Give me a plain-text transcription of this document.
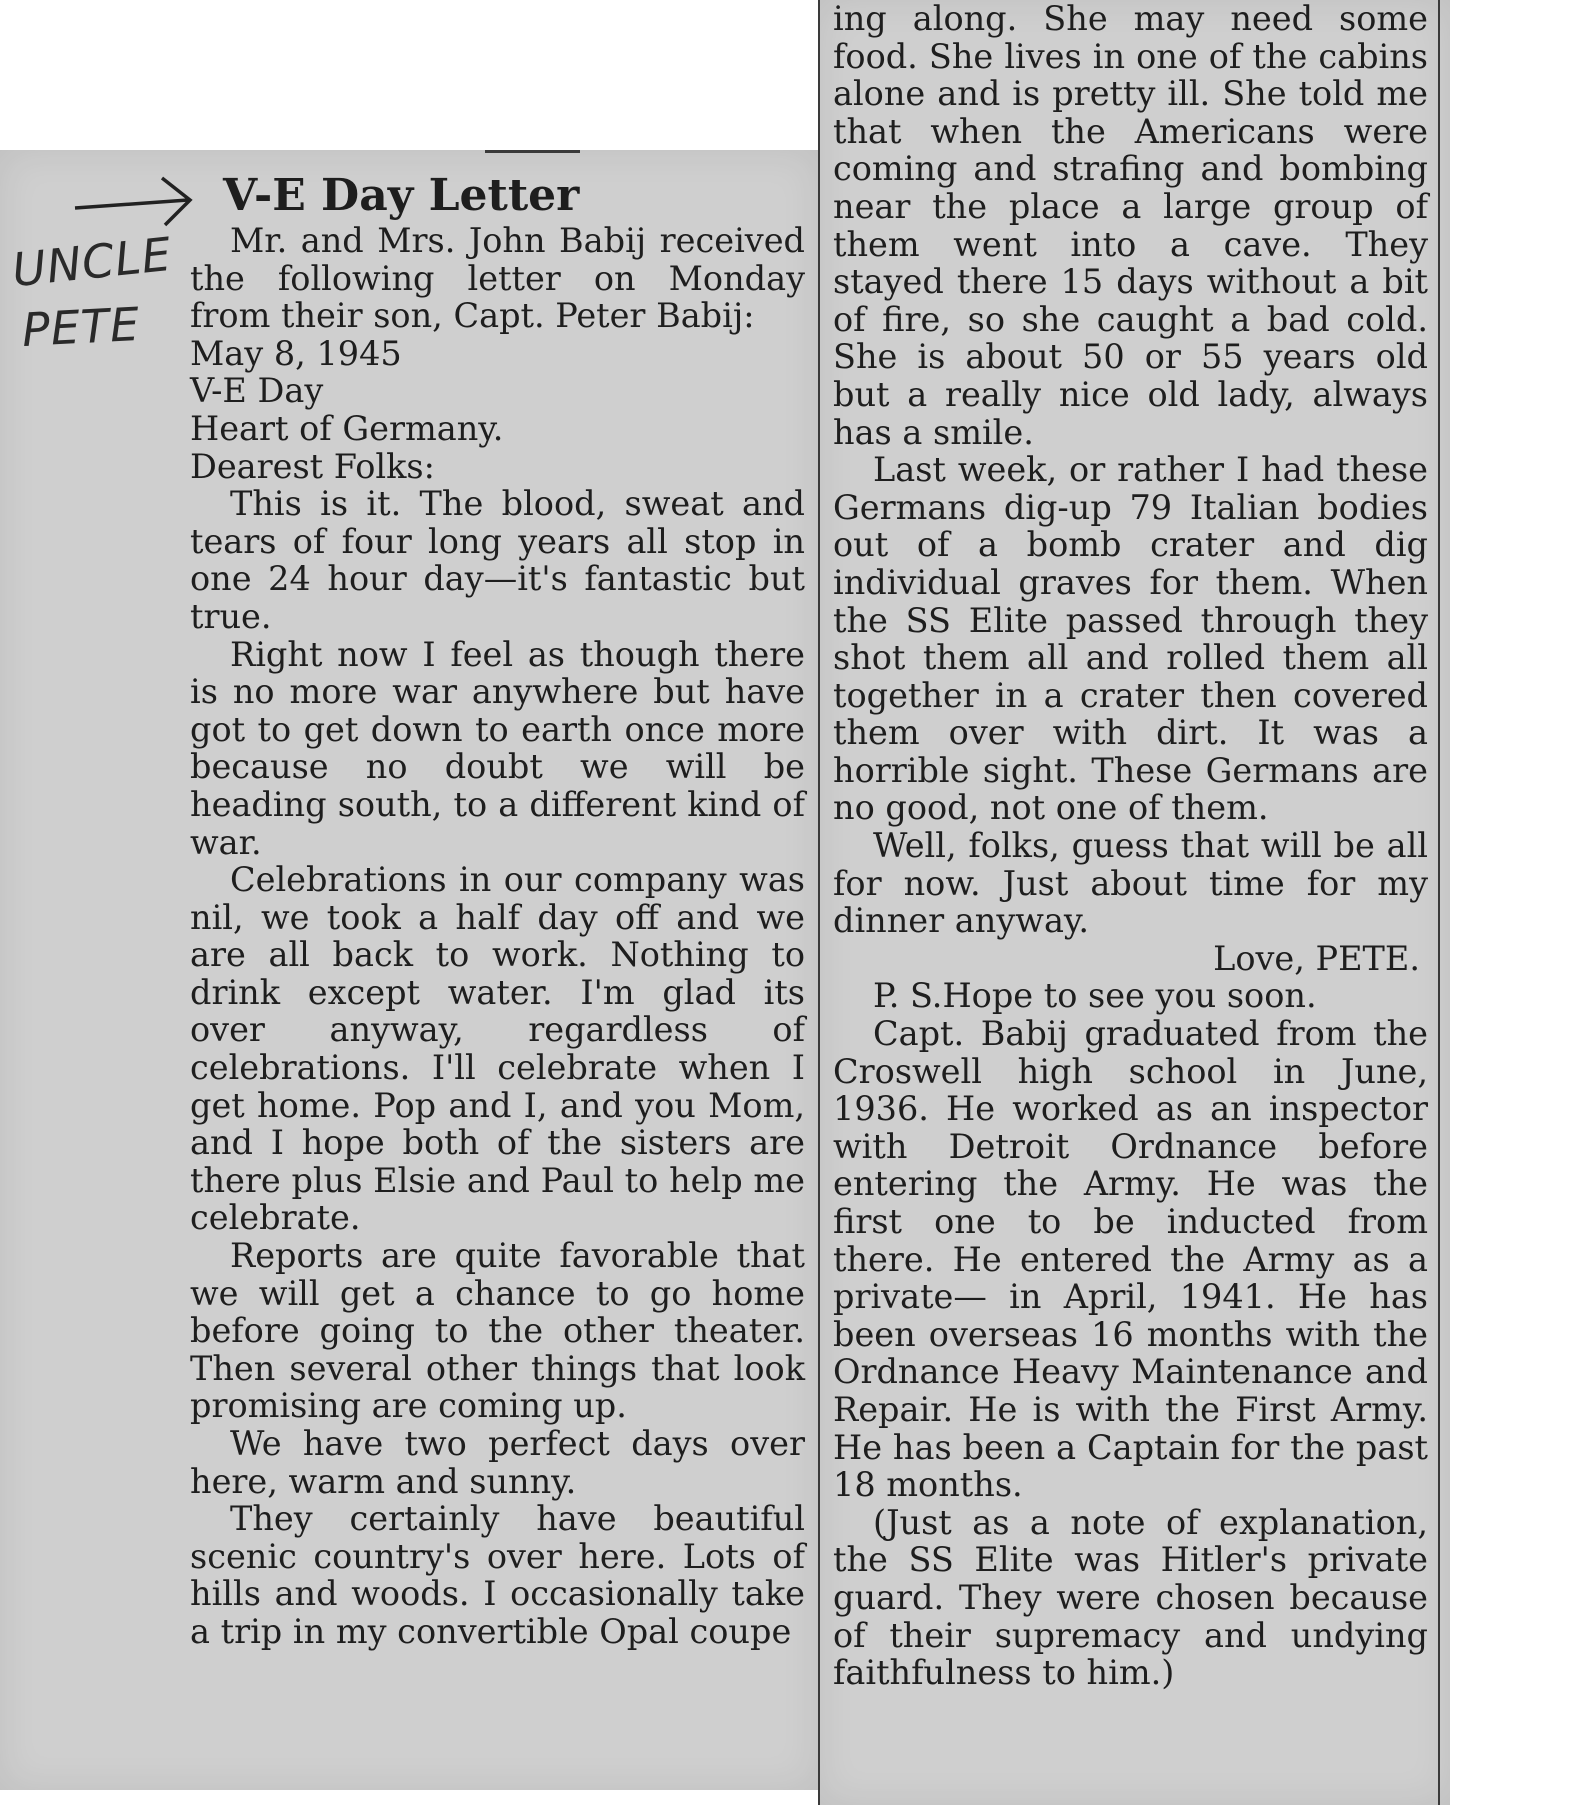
UNCLE
PETE
V-E Day Letter

Mr. and Mrs. John Babij received the following letter on Monday from their son, Capt. Peter Babij:

May 8, 1945

V-E Day

Heart of Germany.

Dearest Folks:

This is it. The blood, sweat and tears of four long years all stop in one 24 hour day—it's fantastic but true.

Right now I feel as though there is no more war anywhere but have got to get down to earth once more because no doubt we will be heading south, to a different kind of war.

Celebrations in our company was nil, we took a half day off and we are all back to work. Nothing to drink except water. I'm glad its over anyway, regardless of celebrations. I'll celebrate when I get home. Pop and I, and you Mom, and I hope both of the sisters are there plus Elsie and Paul to help me celebrate.

Reports are quite favorable that we will get a chance to go home before going to the other theater. Then several other things that look promising are coming up.

We have two perfect days over here, warm and sunny.

They certainly have beautiful scenic country's over here. Lots of hills and woods. I occasionally take a trip in my convertible Opal coupe

ing along. She may need some food. She lives in one of the cabins alone and is pretty ill. She told me that when the Americans were coming and strafing and bombing near the place a large group of them went into a cave. They stayed there 15 days without a bit of fire, so she caught a bad cold. She is about 50 or 55 years old but a really nice old lady, always has a smile.

Last week, or rather I had these Germans dig-up 79 Italian bodies out of a bomb crater and dig individual graves for them. When the SS Elite passed through they shot them all and rolled them all together in a crater then covered them over with dirt. It was a horrible sight. These Germans are no good, not one of them.

Well, folks, guess that will be all for now. Just about time for my dinner anyway.

Love, PETE.

P. S.Hope to see you soon.

Capt. Babij graduated from the Croswell high school in June, 1936. He worked as an inspector with Detroit Ordnance before entering the Army. He was the first one to be inducted from there. He entered the Army as a private— in April, 1941. He has been overseas 16 months with the Ordnance Heavy Maintenance and Repair. He is with the First Army. He has been a Captain for the past 18 months.

(Just as a note of explanation, the SS Elite was Hitler's private guard. They were chosen because of their supremacy and undying faithfulness to him.)
